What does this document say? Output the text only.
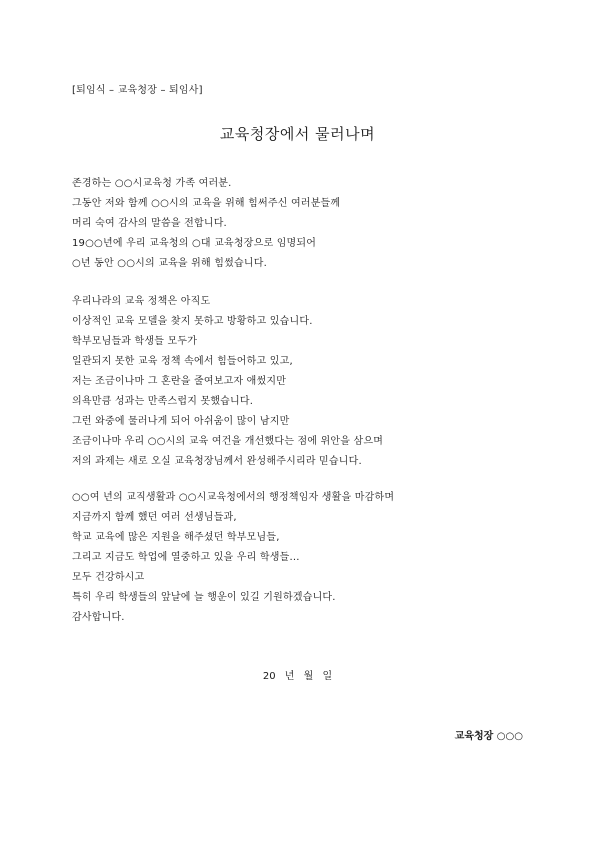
[퇴임식 – 교육청장 – 퇴임사]
교육청장에서 물러나며
존경하는 ○○시교육청 가족 여러분.
그동안 저와 함께 ○○시의 교육을 위해 힘써주신 여러분들께
머리 숙여 감사의 말씀을 전합니다.
19○○년에 우리 교육청의 ○대 교육청장으로 임명되어
○년 동안 ○○시의 교육을 위해 힘썼습니다.
우리나라의 교육 정책은 아직도
이상적인 교육 모델을 찾지 못하고 방황하고 있습니다.
학부모님들과 학생들 모두가
일관되지 못한 교육 정책 속에서 힘들어하고 있고,
저는 조금이나마 그 혼란을 줄여보고자 애썼지만
의욕만큼 성과는 만족스럽지 못했습니다.
그런 와중에 물러나게 되어 아쉬움이 많이 남지만
조금이나마 우리 ○○시의 교육 여건을 개선했다는 점에 위안을 삼으며
저의 과제는 새로 오실 교육청장님께서 완성해주시리라 믿습니다.
○○여 년의 교직생활과 ○○시교육청에서의 행정책임자 생활을 마감하며
지금까지 함께 했던 여러 선생님들과,
학교 교육에 많은 지원을 해주셨던 학부모님들,
그리고 지금도 학업에 열중하고 있을 우리 학생들...
모두 건강하시고
특히 우리 학생들의 앞날에 늘 행운이 있길 기원하겠습니다.
감사합니다.
20 년 월 일
교육청장 ○○○
